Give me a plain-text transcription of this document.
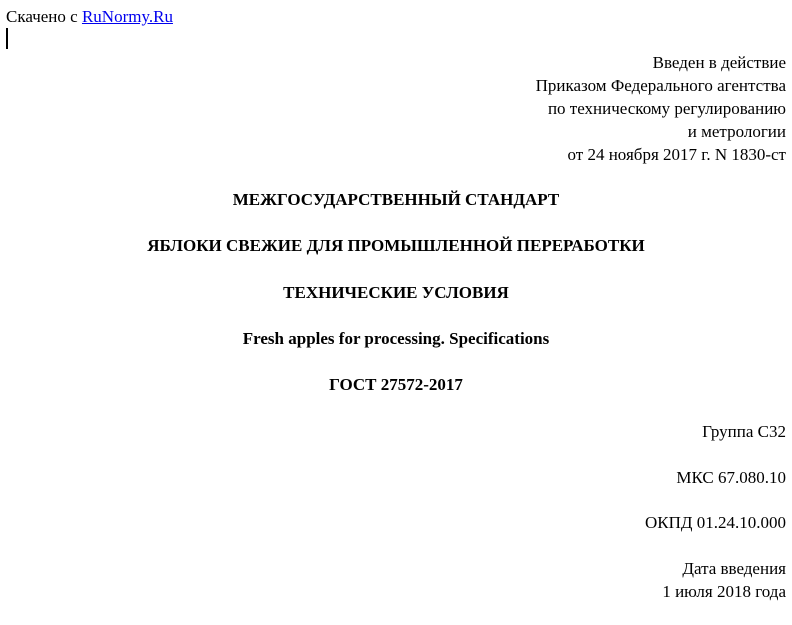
Скачено с RuNormy.Ru
Введен в действие
Приказом Федерального агентства
по техническому регулированию
и метрологии
от 24 ноября 2017 г. N 1830-ст
МЕЖГОСУДАРСТВЕННЫЙ СТАНДАРТ
ЯБЛОКИ СВЕЖИЕ ДЛЯ ПРОМЫШЛЕННОЙ ПЕРЕРАБОТКИ
ТЕХНИЧЕСКИЕ УСЛОВИЯ
Fresh apples for processing. Specifications
ГОСТ 27572-2017
Группа С32
МКС 67.080.10
ОКПД 01.24.10.000
Дата введения
1 июля 2018 года
